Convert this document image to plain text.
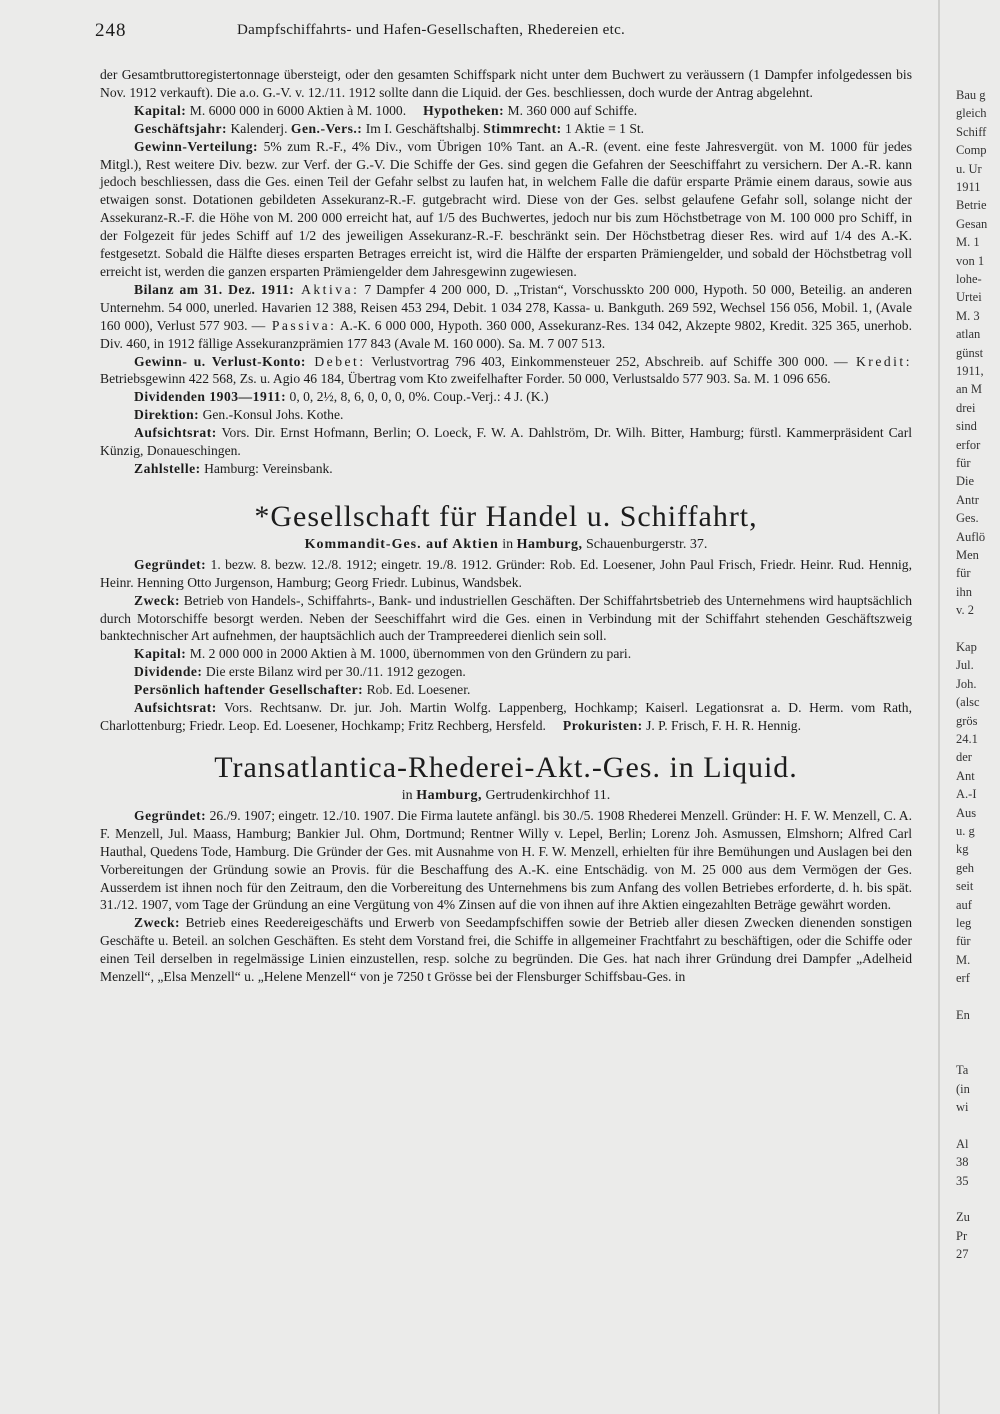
248	Dampfschiffahrts- und Hafen-Gesellschaften, Rhedereien etc.

der Gesamtbruttoregistertonnage übersteigt, oder den gesamten Schiffspark nicht unter dem Buchwert zu veräussern (1 Dampfer infolgedessen bis Nov. 1912 verkauft). Die a.o. G.-V. v. 12./11. 1912 sollte dann die Liquid. der Ges. beschliessen, doch wurde der Antrag abgelehnt.

Kapital: M. 6000 000 in 6000 Aktien à M. 1000. Hypotheken: M. 360 000 auf Schiffe.

Geschäftsjahr: Kalenderj. Gen.-Vers.: Im I. Geschäftshalbj. Stimmrecht: 1 Aktie = 1 St.

Gewinn-Verteilung: 5% zum R.-F., 4% Div., vom Übrigen 10% Tant. an A.-R. (event. eine feste Jahresvergüt. von M. 1000 für jedes Mitgl.), Rest weitere Div. bezw. zur Verf. der G.-V. Die Schiffe der Ges. sind gegen die Gefahren der Seeschiffahrt zu versichern. Der A.-R. kann jedoch beschliessen, dass die Ges. einen Teil der Gefahr selbst zu laufen hat, in welchem Falle die dafür ersparte Prämie einem daraus, sowie aus etwaigen sonst. Dotationen gebildeten Assekuranz-R.-F. gutgebracht wird. Diese von der Ges. selbst gelaufene Gefahr soll, solange nicht der Assekuranz-R.-F. die Höhe von M. 200 000 erreicht hat, auf 1/5 des Buchwertes, jedoch nur bis zum Höchstbetrage von M. 100 000 pro Schiff, in der Folgezeit für jedes Schiff auf 1/2 des jeweiligen Assekuranz-R.-F. beschränkt sein. Der Höchstbetrag dieser Res. wird auf 1/4 des A.-K. festgesetzt. Sobald die Hälfte dieses ersparten Betrages erreicht ist, wird die Hälfte der ersparten Prämiengelder, und sobald der Höchstbetrag voll erreicht ist, werden die ganzen ersparten Prämiengelder dem Jahresgewinn zugewiesen.

Bilanz am 31. Dez. 1911: Aktiva: 7 Dampfer 4 200 000, D. „Tristan“, Vorschusskto 200 000, Hypoth. 50 000, Beteilig. an anderen Unternehm. 54 000, unerled. Havarien 12 388, Reisen 453 294, Debit. 1 034 278, Kassa- u. Bankguth. 269 592, Wechsel 156 056, Mobil. 1, (Avale 160 000), Verlust 577 903. — Passiva: A.-K. 6 000 000, Hypoth. 360 000, Assekuranz-Res. 134 042, Akzepte 9802, Kredit. 325 365, unerhob. Div. 460, in 1912 fällige Assekuranzprämien 177 843 (Avale M. 160 000). Sa. M. 7 007 513.

Gewinn- u. Verlust-Konto: Debet: Verlustvortrag 796 403, Einkommensteuer 252, Abschreib. auf Schiffe 300 000. — Kredit: Betriebsgewinn 422 568, Zs. u. Agio 46 184, Übertrag vom Kto zweifelhafter Forder. 50 000, Verlustsaldo 577 903. Sa. M. 1 096 656.

Dividenden 1903—1911: 0, 0, 2½, 8, 6, 0, 0, 0, 0%. Coup.-Verj.: 4 J. (K.)

Direktion: Gen.-Konsul Johs. Kothe.

Aufsichtsrat: Vors. Dir. Ernst Hofmann, Berlin; O. Loeck, F. W. A. Dahlström, Dr. Wilh. Bitter, Hamburg; fürstl. Kammerpräsident Carl Künzig, Donaueschingen.

Zahlstelle: Hamburg: Vereinsbank.

*Gesellschaft für Handel u. Schiffahrt,
Kommandit-Ges. auf Aktien in Hamburg, Schauenburgerstr. 37.

Gegründet: 1. bezw. 8. bezw. 12./8. 1912; eingetr. 19./8. 1912. Gründer: Rob. Ed. Loesener, John Paul Frisch, Friedr. Heinr. Rud. Hennig, Heinr. Henning Otto Jurgenson, Hamburg; Georg Friedr. Lubinus, Wandsbek.

Zweck: Betrieb von Handels-, Schiffahrts-, Bank- und industriellen Geschäften. Der Schiffahrtsbetrieb des Unternehmens wird hauptsächlich durch Motorschiffe besorgt werden. Neben der Seeschiffahrt wird die Ges. einen in Verbindung mit der Schiffahrt stehenden Geschäftszweig banktechnischer Art aufnehmen, der hauptsächlich auch der Trampreederei dienlich sein soll.

Kapital: M. 2 000 000 in 2000 Aktien à M. 1000, übernommen von den Gründern zu pari.

Dividende: Die erste Bilanz wird per 30./11. 1912 gezogen.

Persönlich haftender Gesellschafter: Rob. Ed. Loesener.

Aufsichtsrat: Vors. Rechtsanw. Dr. jur. Joh. Martin Wolfg. Lappenberg, Hochkamp; Kaiserl. Legationsrat a. D. Herm. vom Rath, Charlottenburg; Friedr. Leop. Ed. Loesener, Hochkamp; Fritz Rechberg, Hersfeld. Prokuristen: J. P. Frisch, F. H. R. Hennig.

Transatlantica-Rhederei-Akt.-Ges. in Liquid.
in Hamburg, Gertrudenkirchhof 11.

Gegründet: 26./9. 1907; eingetr. 12./10. 1907. Die Firma lautete anfängl. bis 30./5. 1908 Rhederei Menzell. Gründer: H. F. W. Menzell, C. A. F. Menzell, Jul. Maass, Hamburg; Bankier Jul. Ohm, Dortmund; Rentner Willy v. Lepel, Berlin; Lorenz Joh. Asmussen, Elmshorn; Alfred Carl Hauthal, Quedens Tode, Hamburg. Die Gründer der Ges. mit Ausnahme von H. F. W. Menzell, erhielten für ihre Bemühungen und Auslagen bei den Vorbereitungen der Gründung sowie an Provis. für die Beschaffung des A.-K. eine Entschädig. von M. 25 000 aus dem Vermögen der Ges. Ausserdem ist ihnen noch für den Zeitraum, den die Vorbereitung des Unternehmens bis zum Anfang des vollen Betriebes erforderte, d. h. bis spät. 31./12. 1907, vom Tage der Gründung an eine Vergütung von 4% Zinsen auf die von ihnen auf ihre Aktien eingezahlten Beträge gewährt worden.

Zweck: Betrieb eines Reedereigeschäfts und Erwerb von Seedampfschiffen sowie der Betrieb aller diesen Zwecken dienenden sonstigen Geschäfte u. Beteil. an solchen Geschäften. Es steht dem Vorstand frei, die Schiffe in allgemeiner Frachtfahrt zu beschäftigen, oder die Schiffe oder einen Teil derselben in regelmässige Linien einzustellen, resp. solche zu begründen. Die Ges. hat nach ihrer Gründung drei Dampfer „Adelheid Menzell“, „Elsa Menzell“ u. „Helene Menzell“ von je 7250 t Grösse bei der Flensburger Schiffsbau-Ges. in

Bau g
gleich
Schiff
Comp
u. Ur
1911
Betrie
Gesan
M. 1
von 1
lohe-
Urtei
M. 3
atlan
günst
1911,
an M
drei
sind
erfor
für
Die
Antr
Ges.
Auflö
Men
für
ihn
v. 2
Kap
Jul.
Joh.
(alsc
grös
24.1
der
Ant
A.-I
Aus
u. g
kg
geh
seit
auf
leg
für
M.
erf
En
Ta
(in
wi
Al
38
35
Zu
Pr
27
